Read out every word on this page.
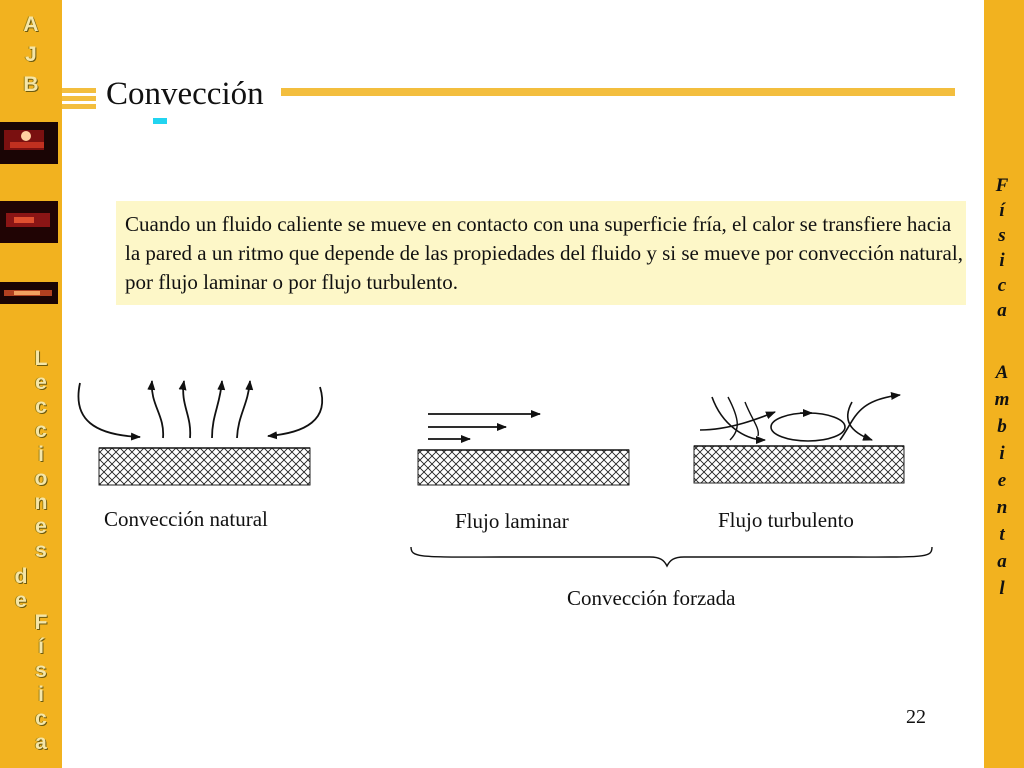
A
J
B
L
e
c
c
i
o
n
e
s
d
e
F
í
s
i
c
a
F
í
s
i
c
a
A
m
b
i
e
n
t
a
l
Convección

Cuando un fluido caliente se mueve en contacto con una superficie fría, el calor se transfiere hacia la pared a un ritmo que depende de las propiedades del fluido y si se mueve por convección natural, por flujo laminar o por flujo turbulento.

Convección natural	Flujo laminar	Flujo turbulento
Convección forzada
22
